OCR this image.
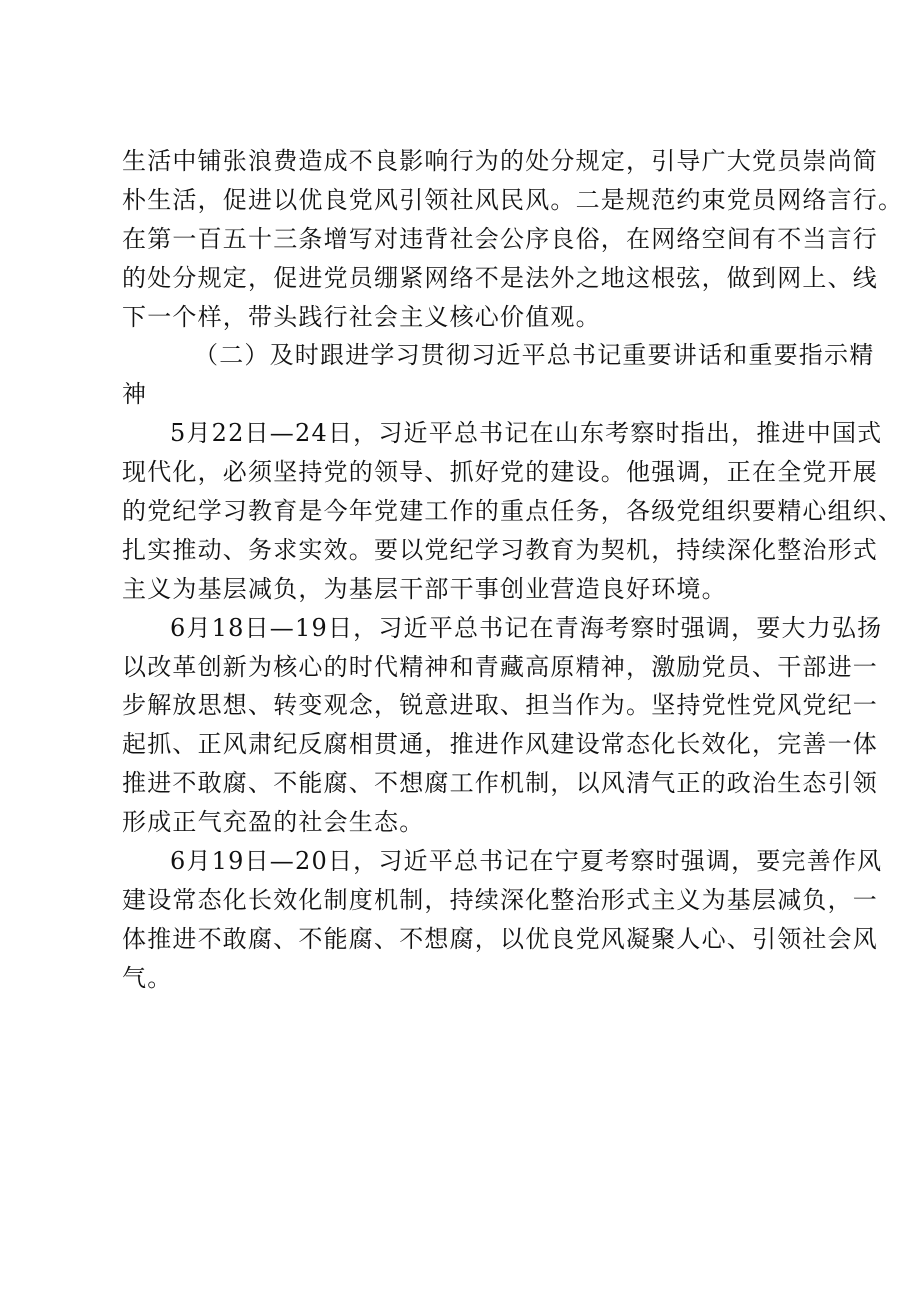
生活中铺张浪费造成不良影响行为的处分规定，引导广大党员崇尚简
朴生活，促进以优良党风引领社风民风。二是规范约束党员网络言行。
在第一百五十三条增写对违背社会公序良俗，在网络空间有不当言行
的处分规定，促进党员绷紧网络不是法外之地这根弦，做到网上、线
下一个样，带头践行社会主义核心价值观。
（二）及时跟进学习贯彻习近平总书记重要讲话和重要指示精
神
5月22日—24日，习近平总书记在山东考察时指出，推进中国式
现代化，必须坚持党的领导、抓好党的建设。他强调，正在全党开展
的党纪学习教育是今年党建工作的重点任务，各级党组织要精心组织、
扎实推动、务求实效。要以党纪学习教育为契机，持续深化整治形式
主义为基层减负，为基层干部干事创业营造良好环境。
6月18日—19日，习近平总书记在青海考察时强调，要大力弘扬
以改革创新为核心的时代精神和青藏高原精神，激励党员、干部进一
步解放思想、转变观念，锐意进取、担当作为。坚持党性党风党纪一
起抓、正风肃纪反腐相贯通，推进作风建设常态化长效化，完善一体
推进不敢腐、不能腐、不想腐工作机制，以风清气正的政治生态引领
形成正气充盈的社会生态。
6月19日—20日，习近平总书记在宁夏考察时强调，要完善作风
建设常态化长效化制度机制，持续深化整治形式主义为基层减负，一
体推进不敢腐、不能腐、不想腐，以优良党风凝聚人心、引领社会风
气。
